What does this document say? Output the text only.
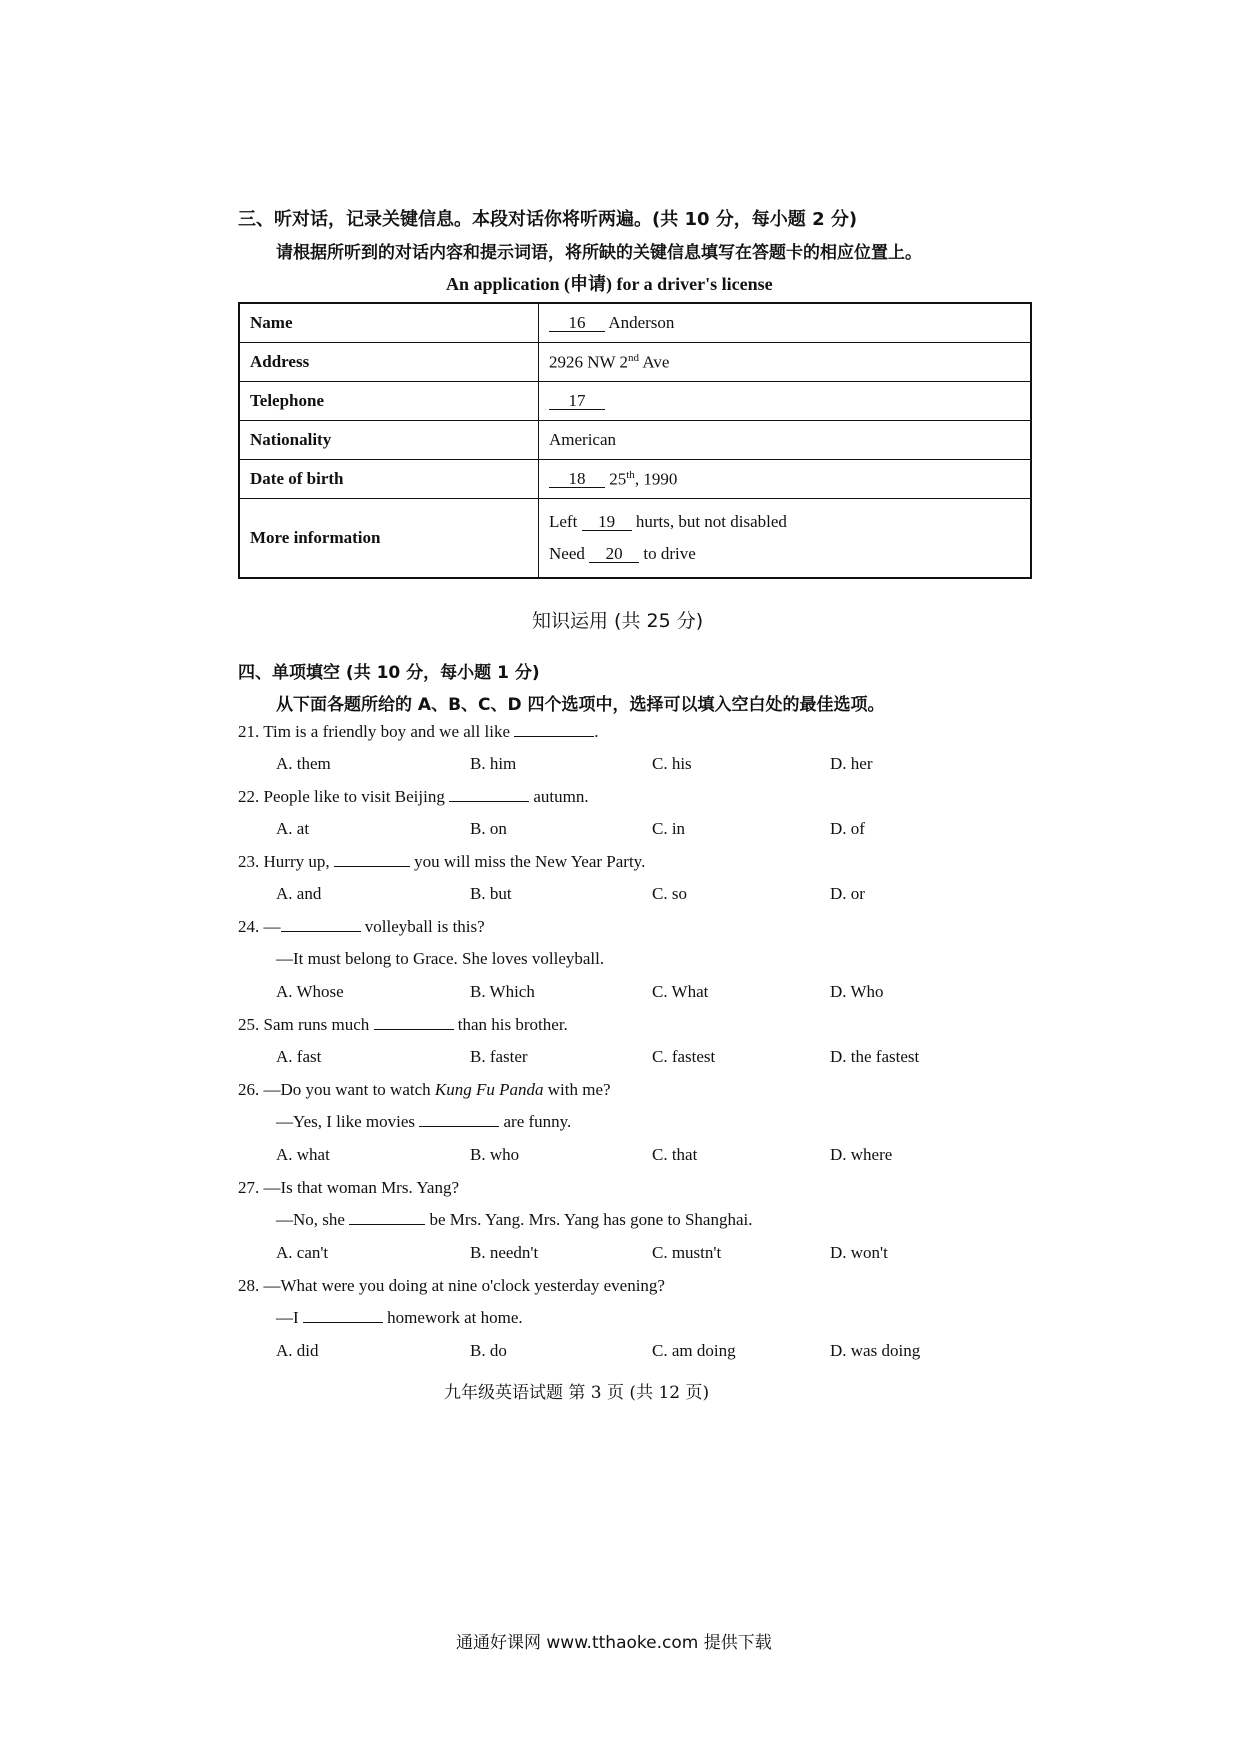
三、听对话，记录关键信息。本段对话你将听两遍。(共 10 分，每小题 2 分)
请根据所听到的对话内容和提示词语，将所缺的关键信息填写在答题卡的相应位置上。
An application (申请) for a driver's license
Name	16 Anderson
Address	2926 NW 2nd Ave
Telephone	17
Nationality	American
Date of birth	18 25th, 1990
More information	Left 19 hurts, but not disabled
Need 20 to drive
知识运用 (共 25 分)
四、单项填空 (共 10 分，每小题 1 分)
从下面各题所给的 A、B、C、D 四个选项中，选择可以填入空白处的最佳选项。
21. Tim is a friendly boy and we all like	.
A. them	B. him	C. his	D. her
22. People like to visit Beijing	autumn.
A. at	B. on	C. in	D. of
23. Hurry up,	you will miss the New Year Party.
A. and	B. but	C. so	D. or
24. —	volleyball is this?
—It must belong to Grace. She loves volleyball.
A. Whose	B. Which	C. What	D. Who
25. Sam runs much	than his brother.
A. fast	B. faster	C. fastest	D. the fastest
26. —Do you want to watch Kung Fu Panda with me?
—Yes, I like movies	are funny.
A. what	B. who	C. that	D. where
27. —Is that woman Mrs. Yang?
—No, she	be Mrs. Yang. Mrs. Yang has gone to Shanghai.
A. can't	B. needn't	C. mustn't	D. won't
28. —What were you doing at nine o'clock yesterday evening?
—I	homework at home.
A. did	B. do	C. am doing	D. was doing
九年级英语试题 第 3 页 (共 12 页)
通通好课网 www.tthaoke.com 提供下载
